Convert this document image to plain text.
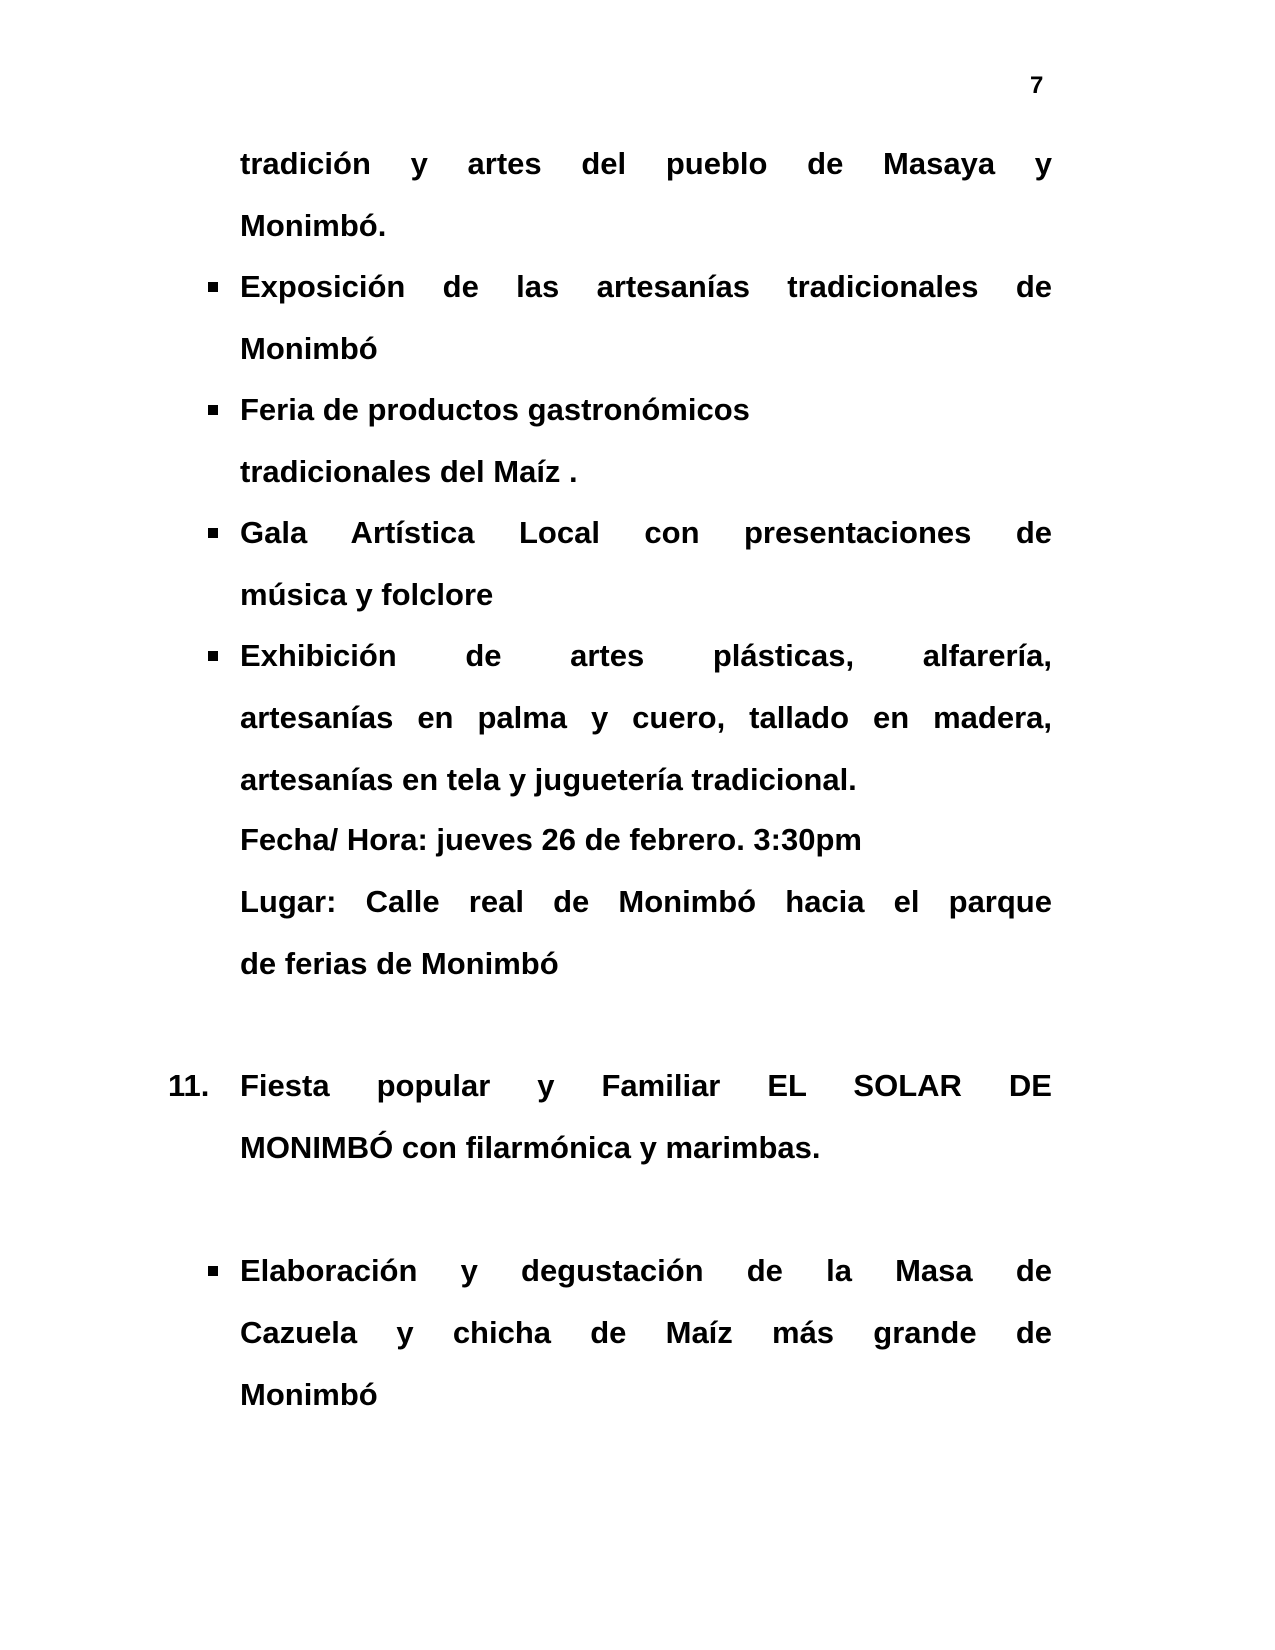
7
tradición y artes del pueblo de Masaya y
Monimbó.
Exposición de las artesanías tradicionales de
Monimbó
Feria de productos gastronómicos
tradicionales del Maíz .
Gala Artística Local con presentaciones de
música y folclore
Exhibición de artes plásticas, alfarería,
artesanías en palma y cuero, tallado en madera,
artesanías en tela y juguetería tradicional.
Fecha/ Hora: jueves 26 de febrero. 3:30pm
Lugar: Calle real de Monimbó hacia el parque
de ferias de Monimbó
11. Fiesta popular y Familiar EL SOLAR DE
MONIMBÓ con filarmónica y marimbas.
Elaboración y degustación de la Masa de
Cazuela y chicha de Maíz más grande de
Monimbó
